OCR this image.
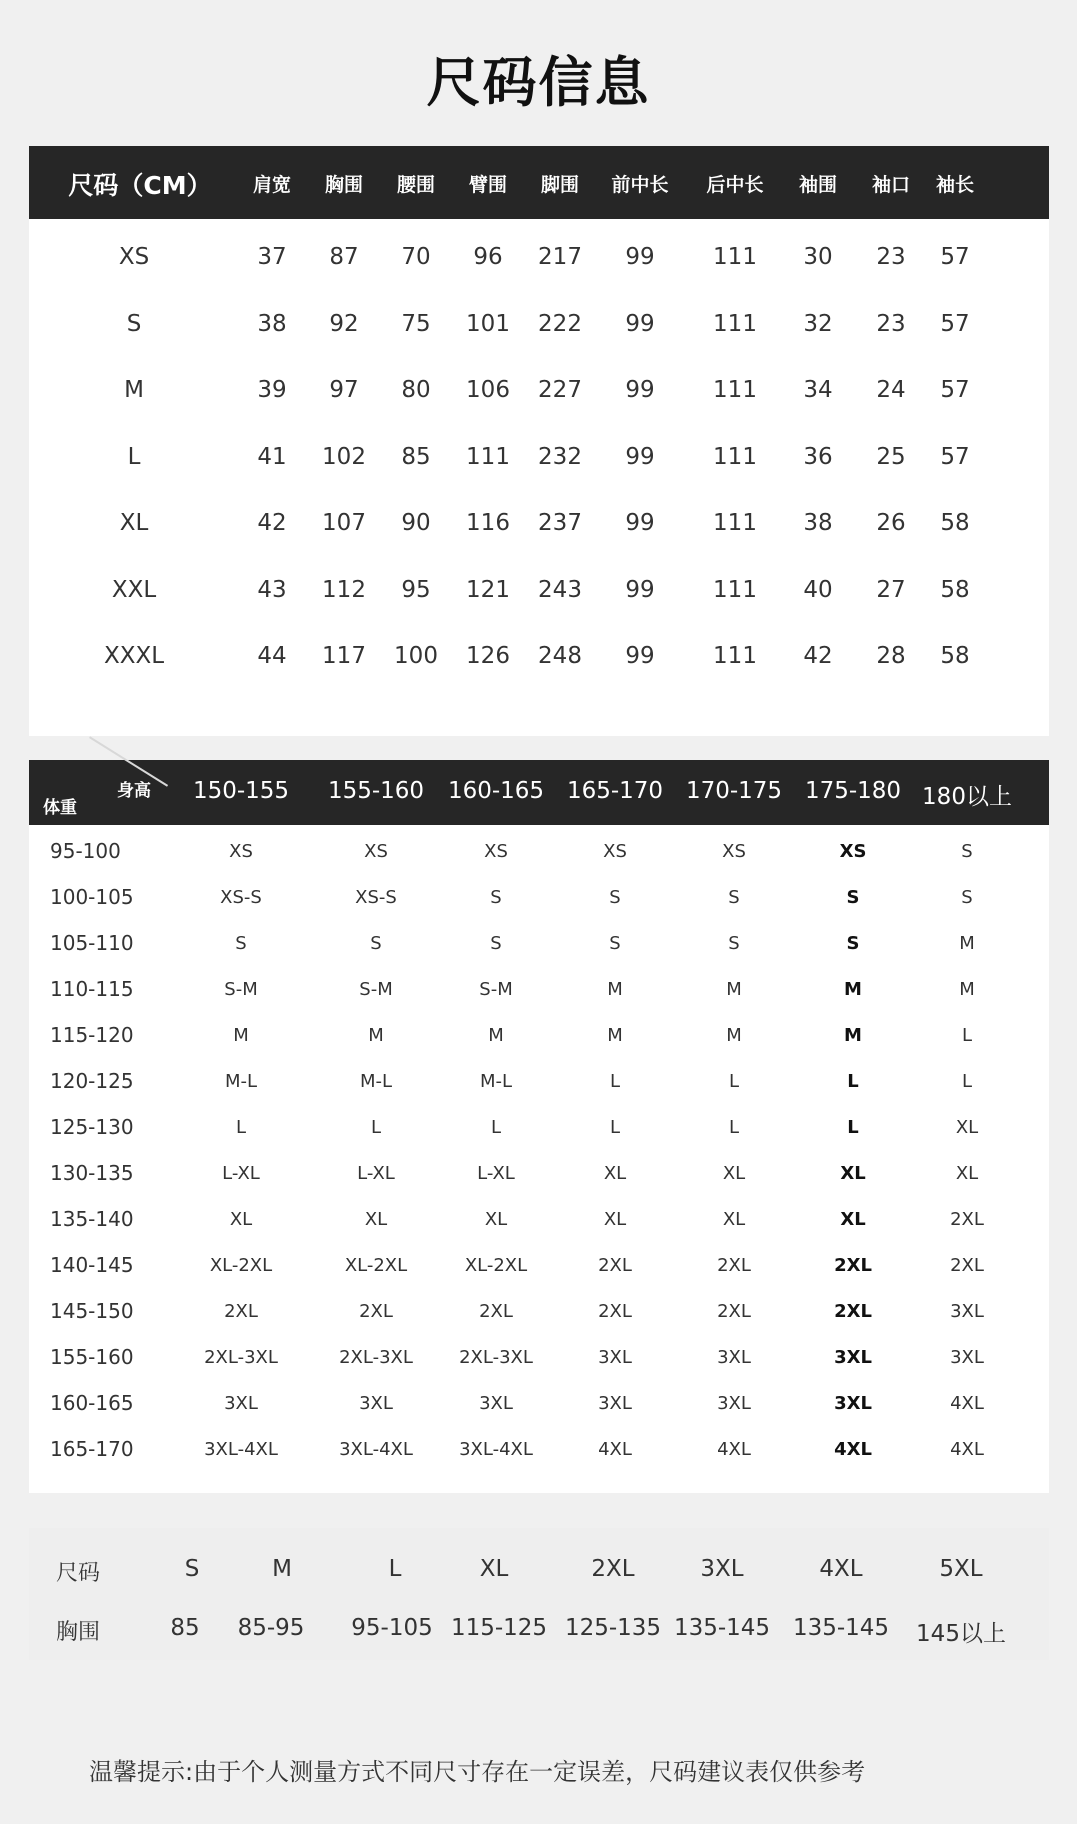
尺码信息
尺码（CM） 肩宽 胸围 腰围 臂围 脚围 前中长 后中长 袖围 袖口 袖长
XS	37 87 70 96 217 99	111 30 23 57
S	38 92 75 101 222 99	111 32 23 57
M	39 97 80 106 227 99	111 34 24 57
L	41 102 85 111 232 99	111 36 25 57
XL	42 107 90 116 237 99	111 38 26 58
XXL	43 112 95 121 243 99	111 40 27 58
XXXL	44 117 100 126 248 99	111 42 28 58
身高
体重
150-155 155-160 160-165 165-170 170-175 175-180 180以上
95-100	XS	XS	XS	XS	XS	XS	S
100-105	XS-S	XS-S	S	S	S	S	S
105-110	S	S	S	S	S	S	M
110-115	S-M	S-M	S-M	M	M	M	M
115-120	M	M	M	M	M	M	L
120-125	M-L	M-L	M-L	L	L	L	L
125-130	L	L	L	L	L	L	XL
130-135	L-XL	L-XL	L-XL	XL	XL	XL	XL
135-140	XL	XL	XL	XL	XL	XL	2XL
140-145	XL-2XL	XL-2XL	XL-2XL	2XL	2XL	2XL	2XL
145-150	2XL	2XL	2XL	2XL	2XL	2XL	3XL
155-160	2XL-3XL	2XL-3XL	2XL-3XL	3XL	3XL	3XL	3XL
160-165	3XL	3XL	3XL	3XL	3XL	3XL	4XL
165-170	3XL-4XL	3XL-4XL	3XL-4XL	4XL	4XL	4XL	4XL
尺码	S	M	L	XL	2XL	3XL	4XL	5XL
胸围	85 85-95 95-105 115-125 125-135 135-145 135-145 145以上
温馨提示:由于个人测量方式不同尺寸存在一定误差，尺码建议表仅供参考
